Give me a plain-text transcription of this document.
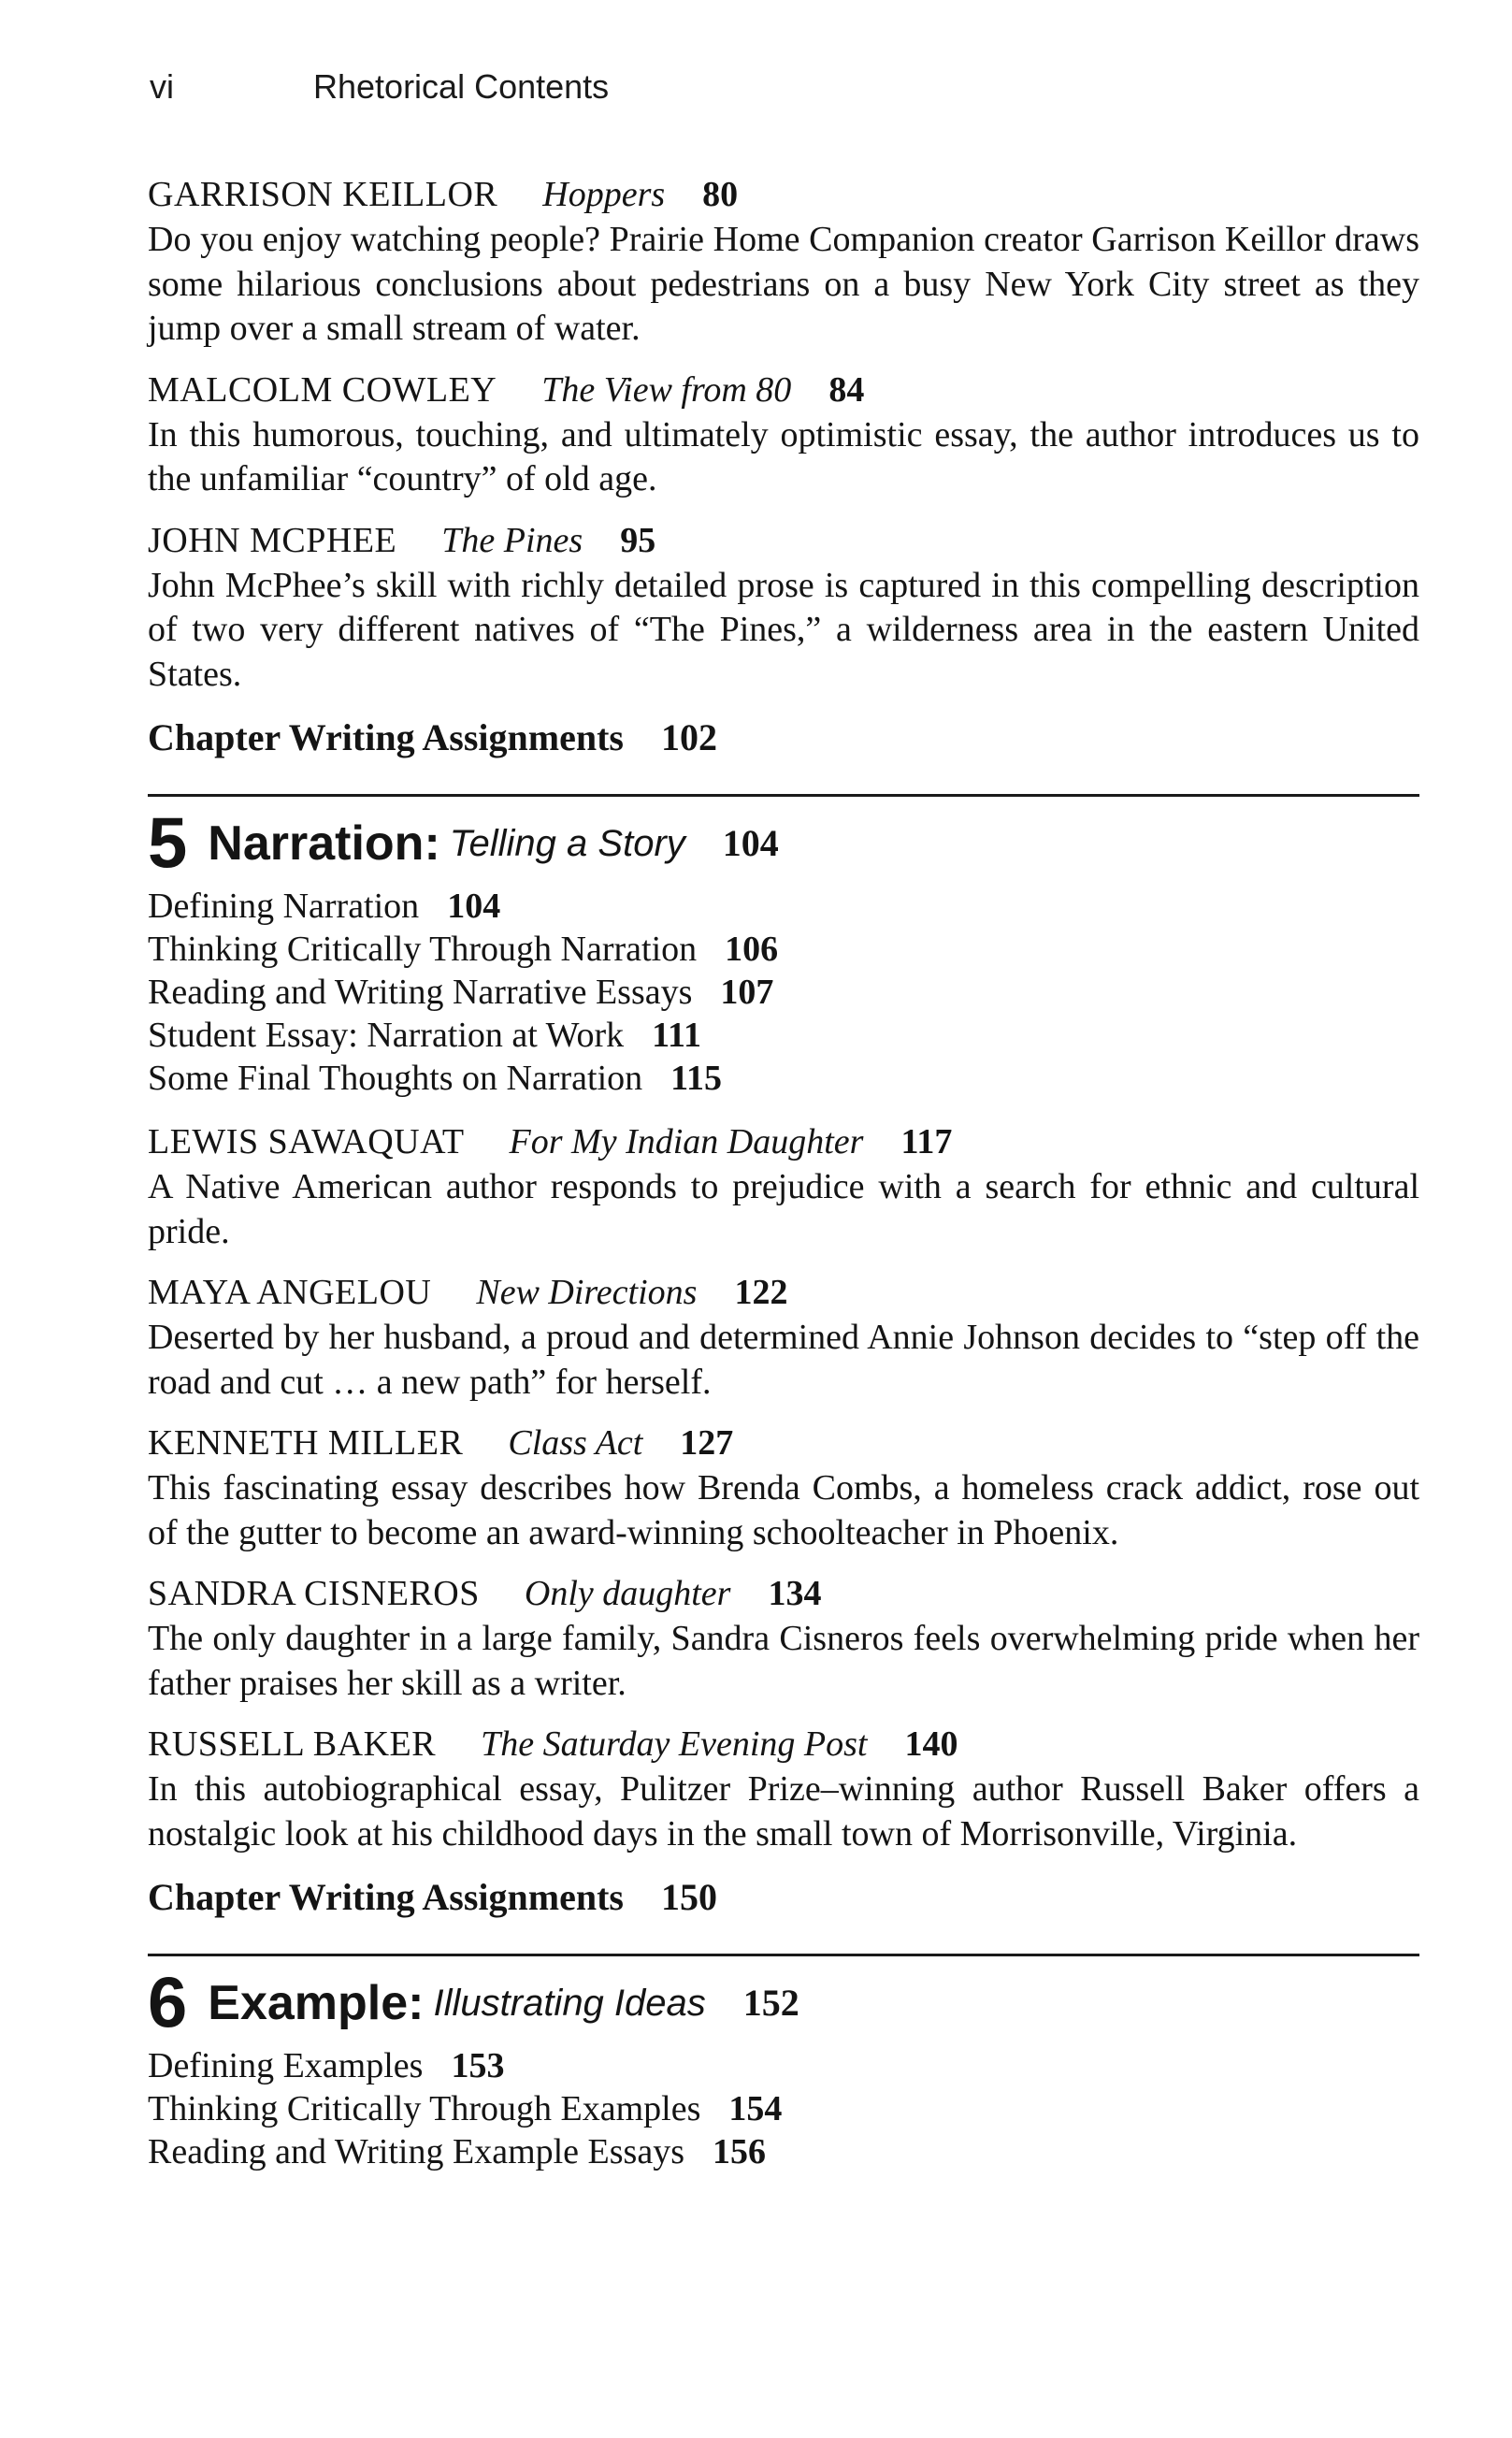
vi	Rhetorical Contents
GARRISON KEILLOR Hoppers 80

Do you enjoy watching people? Prairie Home Companion creator Garrison Keillor draws some hilarious conclusions about pedestrians on a busy New York City street as they jump over a small stream of water.

MALCOLM COWLEY The View from 80 84

In this humorous, touching, and ultimately optimistic essay, the author introduces us to the unfamiliar “country” of old age.

JOHN MCPHEE The Pines 95

John McPhee’s skill with richly detailed prose is captured in this compelling description of two very different natives of “The Pines,” a wilderness area in the eastern United States.

Chapter Writing Assignments 102
5 Narration: Telling a Story 104
Defining Narration 104
Thinking Critically Through Narration 106
Reading and Writing Narrative Essays 107
Student Essay: Narration at Work 111
Some Final Thoughts on Narration 115
LEWIS SAWAQUAT For My Indian Daughter 117

A Native American author responds to prejudice with a search for ethnic and cultural pride.

MAYA ANGELOU New Directions 122

Deserted by her husband, a proud and determined Annie Johnson decides to “step off the road and cut … a new path” for herself.

KENNETH MILLER Class Act 127

This fascinating essay describes how Brenda Combs, a homeless crack addict, rose out of the gutter to become an award-winning schoolteacher in Phoenix.

SANDRA CISNEROS Only daughter 134

The only daughter in a large family, Sandra Cisneros feels overwhelming pride when her father praises her skill as a writer.

RUSSELL BAKER The Saturday Evening Post 140

In this autobiographical essay, Pulitzer Prize–winning author Russell Baker offers a nostalgic look at his childhood days in the small town of Morrisonville, Virginia.

Chapter Writing Assignments 150
6 Example: Illustrating Ideas 152
Defining Examples 153
Thinking Critically Through Examples 154
Reading and Writing Example Essays 156
